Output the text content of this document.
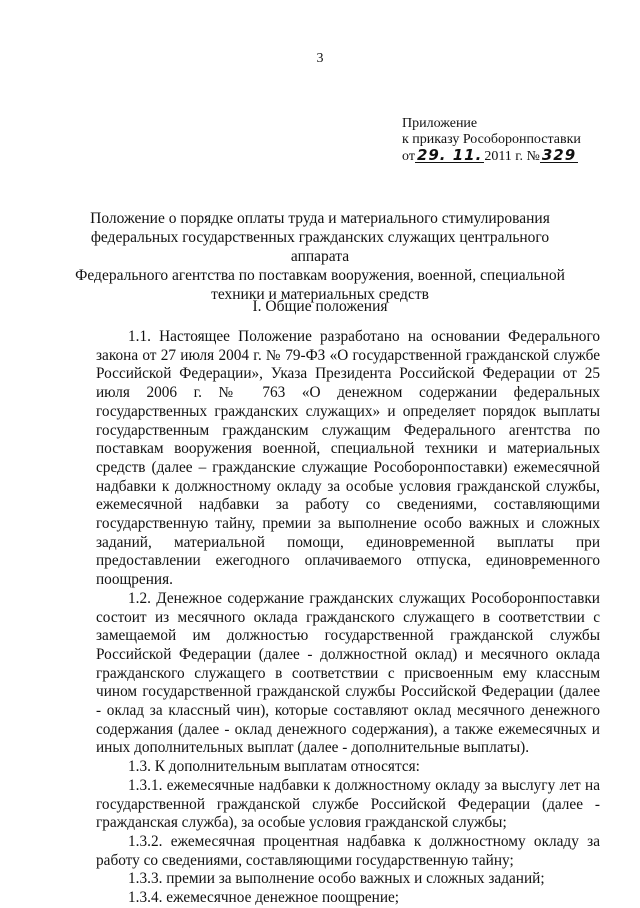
3
Приложение
к приказу Рособоронпоставки
от 29. 11. 2011 г. № 329
Положение о порядке оплаты труда и материального стимулирования
федеральных государственных гражданских служащих центрального аппарата
Федерального агентства по поставкам вооружения, военной, специальной
техники и материальных средств
I. Общие положения

1.1. Настоящее Положение разработано на основании Федерального закона от 27 июля 2004 г. № 79-ФЗ «О государственной гражданской службе Российской Федерации», Указа Президента Российской Федерации от 25 июля 2006 г. № 763 «О денежном содержании федеральных государственных гражданских служащих» и определяет порядок выплаты государственным гражданским служащим Федерального агентства по поставкам вооружения военной, специальной техники и материальных средств (далее – гражданские служащие Рособоронпоставки) ежемесячной надбавки к должностному окладу за особые условия гражданской службы, ежемесячной надбавки за работу со сведениями, составляющими государственную тайну, премии за выполнение особо важных и сложных заданий, материальной помощи, единовременной выплаты при предоставлении ежегодного оплачиваемого отпуска, единовременного поощрения.

1.2. Денежное содержание гражданских служащих Рособоронпоставки состоит из месячного оклада гражданского служащего в соответствии с замещаемой им должностью государственной гражданской службы Российской Федерации (далее - должностной оклад) и месячного оклада гражданского служащего в соответствии с присвоенным ему классным чином государственной гражданской службы Российской Федерации (далее - оклад за классный чин), которые составляют оклад месячного денежного содержания (далее - оклад денежного содержания), а также ежемесячных и иных дополнительных выплат (далее - дополнительные выплаты).

1.3. К дополнительным выплатам относятся:

1.3.1. ежемесячные надбавки к должностному окладу за выслугу лет на государственной гражданской службе Российской Федерации (далее - гражданская служба), за особые условия гражданской службы;

1.3.2. ежемесячная процентная надбавка к должностному окладу за работу со сведениями, составляющими государственную тайну;

1.3.3. премии за выполнение особо важных и сложных заданий;

1.3.4. ежемесячное денежное поощрение;
